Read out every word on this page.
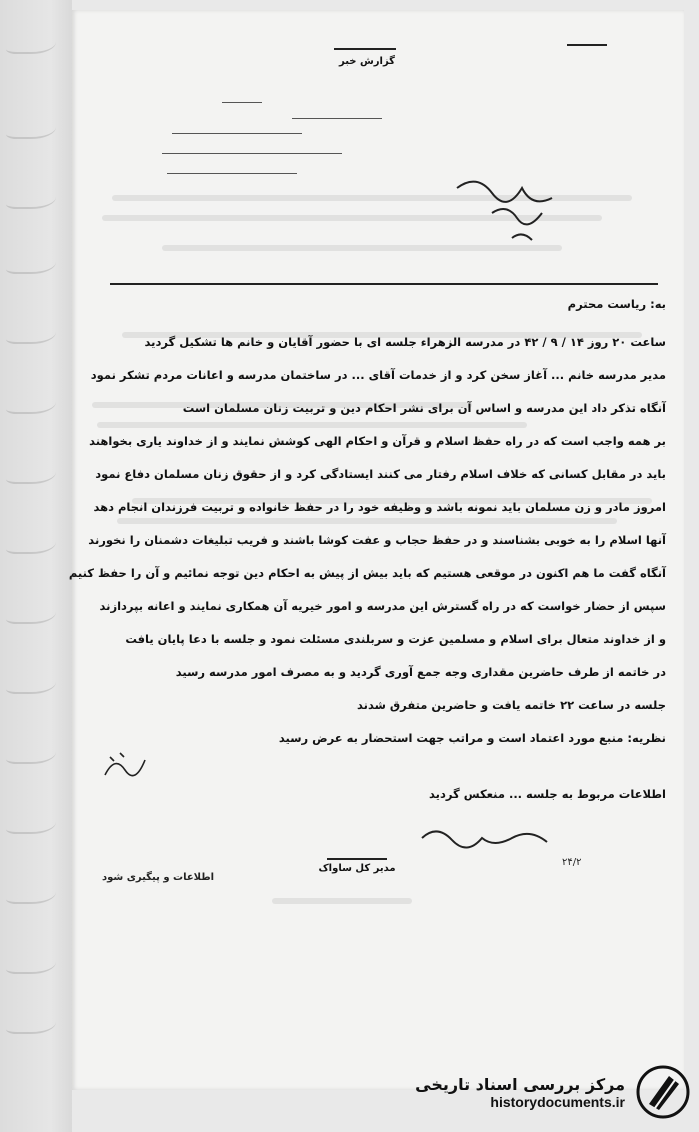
گزارش خبر
به: ریاست محترم
ساعت ۲۰ روز ۱۴ / ۹ / ۴۲ در مدرسه الزهراء جلسه ای با حضور آقایان و خانم ها تشکیل گردید
مدیر مدرسه خانم ... آغاز سخن کرد و از خدمات آقای ... در ساختمان مدرسه و اعانات مردم تشکر نمود
آنگاه تذکر داد این مدرسه و اساس آن برای نشر احکام دین و تربیت زنان مسلمان است
بر همه واجب است که در راه حفظ اسلام و قرآن و احکام الهی کوشش نمایند و از خداوند یاری بخواهند
باید در مقابل کسانی که خلاف اسلام رفتار می کنند ایستادگی کرد و از حقوق زنان مسلمان دفاع نمود
امروز مادر و زن مسلمان باید نمونه باشد و وظیفه خود را در حفظ خانواده و تربیت فرزندان انجام دهد
آنها اسلام را به خوبی بشناسند و در حفظ حجاب و عفت کوشا باشند و فریب تبلیغات دشمنان را نخورند
آنگاه گفت ما هم اکنون در موقعی هستیم که باید بیش از پیش به احکام دین توجه نمائیم و آن را حفظ کنیم
سپس از حضار خواست که در راه گسترش این مدرسه و امور خیریه آن همکاری نمایند و اعانه بپردازند
و از خداوند متعال برای اسلام و مسلمین عزت و سربلندی مسئلت نمود و جلسه با دعا پایان یافت
در خاتمه از طرف حاضرین مقداری وجه جمع آوری گردید و به مصرف امور مدرسه رسید
جلسه در ساعت ۲۲ خاتمه یافت و حاضرین متفرق شدند
نظریه: منبع مورد اعتماد است و مراتب جهت استحضار به عرض رسید
اطلاعات مربوط به جلسه ... منعکس گردید
۲۴/۲
مدیر کل ساواک
اطلاعات و پیگیری شود
مرکز بررسی اسناد تاریخی
historydocuments.ir
